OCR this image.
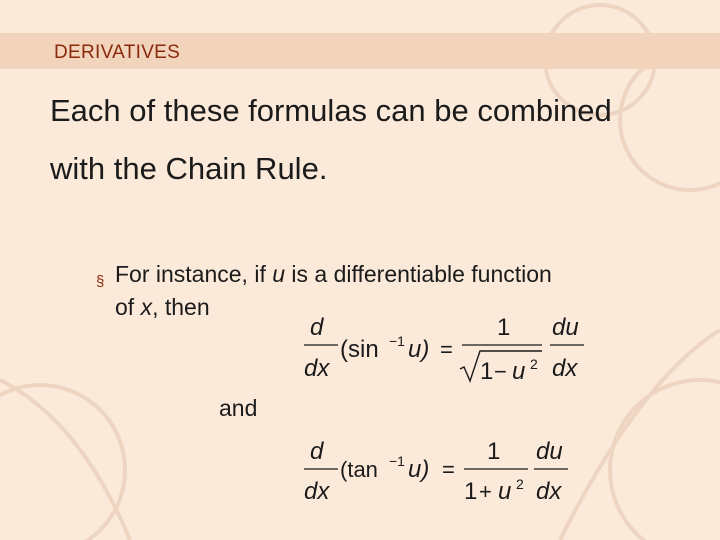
DERIVATIVES
Each of these formulas can be combined
with the Chain Rule.
§ For instance, if u is a differentiable function
of x, then
and
d
dx
(sin −1 u) =
1
1 − u 2
du
dx
d
dx
(tan −1 u) =
1
1 + u 2
du
dx
